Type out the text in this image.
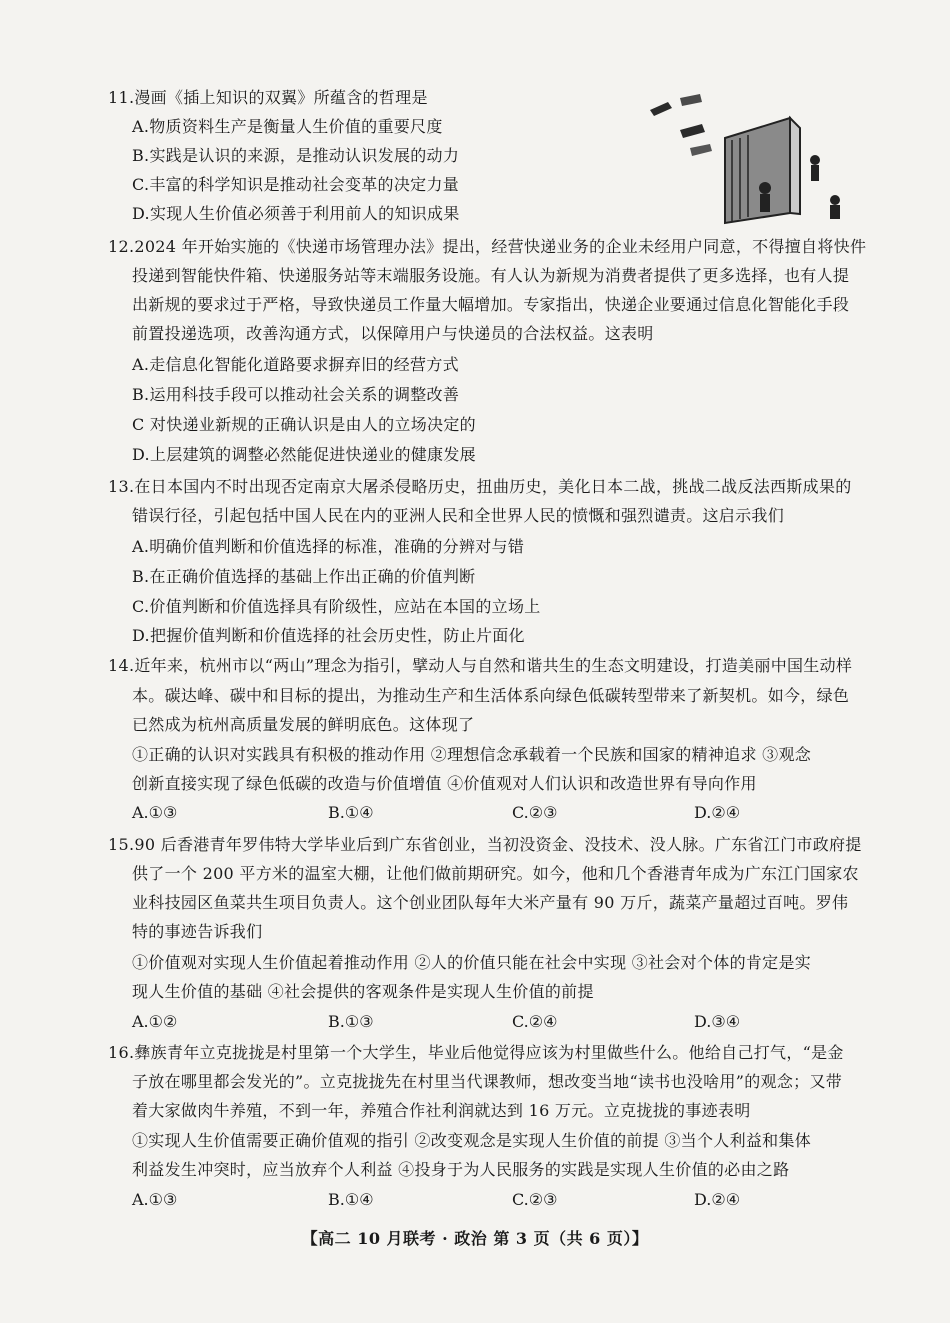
11.漫画《插上知识的双翼》所蕴含的哲理是
A.物质资料生产是衡量人生价值的重要尺度
B.实践是认识的来源，是推动认识发展的动力
C.丰富的科学知识是推动社会变革的决定力量
D.实现人生价值必须善于利用前人的知识成果
12.2024 年开始实施的《快递市场管理办法》提出，经营快递业务的企业未经用户同意，不得擅自将快件
投递到智能快件箱、快递服务站等末端服务设施。有人认为新规为消费者提供了更多选择，也有人提
出新规的要求过于严格，导致快递员工作量大幅增加。专家指出，快递企业要通过信息化智能化手段
前置投递选项，改善沟通方式，以保障用户与快递员的合法权益。这表明
A.走信息化智能化道路要求摒弃旧的经营方式
B.运用科技手段可以推动社会关系的调整改善
C 对快递业新规的正确认识是由人的立场决定的
D.上层建筑的调整必然能促进快递业的健康发展
13.在日本国内不时出现否定南京大屠杀侵略历史，扭曲历史，美化日本二战，挑战二战反法西斯成果的
错误行径，引起包括中国人民在内的亚洲人民和全世界人民的愤慨和强烈谴责。这启示我们
A.明确价值判断和价值选择的标准，准确的分辨对与错
B.在正确价值选择的基础上作出正确的价值判断
C.价值判断和价值选择具有阶级性，应站在本国的立场上
D.把握价值判断和价值选择的社会历史性，防止片面化
14.近年来，杭州市以“两山”理念为指引，擘动人与自然和谐共生的生态文明建设，打造美丽中国生动样
本。碳达峰、碳中和目标的提出，为推动生产和生活体系向绿色低碳转型带来了新契机。如今，绿色
已然成为杭州高质量发展的鲜明底色。这体现了
①正确的认识对实践具有积极的推动作用 ②理想信念承载着一个民族和国家的精神追求 ③观念
创新直接实现了绿色低碳的改造与价值增值 ④价值观对人们认识和改造世界有导向作用
A.①③	B.①④	C.②③	D.②④
15.90 后香港青年罗伟特大学毕业后到广东省创业，当初没资金、没技术、没人脉。广东省江门市政府提
供了一个 200 平方米的温室大棚，让他们做前期研究。如今，他和几个香港青年成为广东江门国家农
业科技园区鱼菜共生项目负责人。这个创业团队每年大米产量有 90 万斤，蔬菜产量超过百吨。罗伟
特的事迹告诉我们
①价值观对实现人生价值起着推动作用 ②人的价值只能在社会中实现 ③社会对个体的肯定是实
现人生价值的基础 ④社会提供的客观条件是实现人生价值的前提
A.①②	B.①③	C.②④	D.③④
16.彝族青年立克拢拢是村里第一个大学生，毕业后他觉得应该为村里做些什么。他给自己打气，“是金
子放在哪里都会发光的”。立克拢拢先在村里当代课教师，想改变当地“读书也没啥用”的观念；又带
着大家做肉牛养殖，不到一年，养殖合作社利润就达到 16 万元。立克拢拢的事迹表明
①实现人生价值需要正确价值观的指引 ②改变观念是实现人生价值的前提 ③当个人利益和集体
利益发生冲突时，应当放弃个人利益 ④投身于为人民服务的实践是实现人生价值的必由之路
A.①③	B.①④	C.②③	D.②④
【高二 10 月联考 · 政治 第 3 页（共 6 页）】
